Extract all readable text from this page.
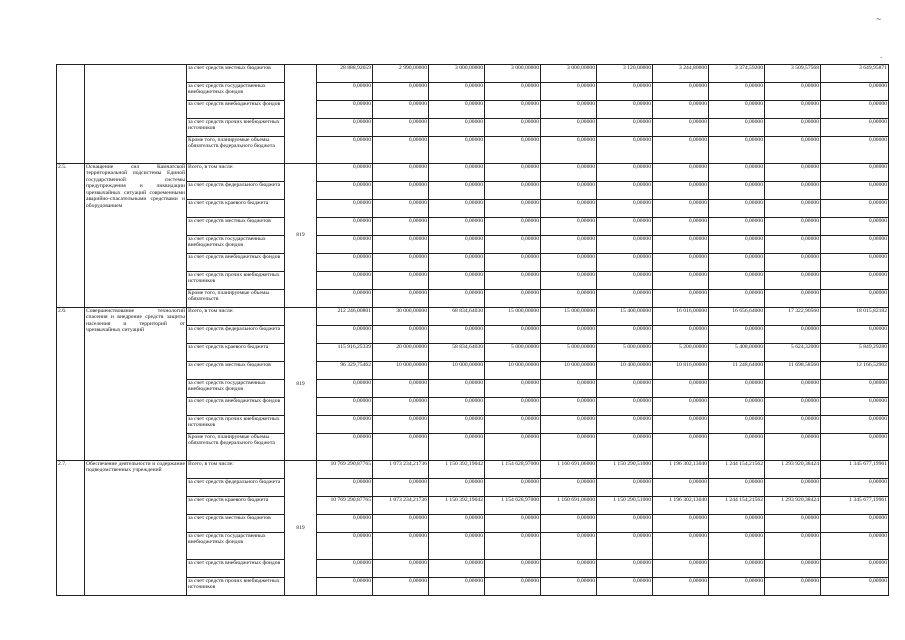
~
.
		за счет средств местных бюджетов		28 888,92659	2 990,00000	3 000,00000	3 000,00000	3 000,00000	3 120,00000	3 244,80000	3 374,59200	3 509,57568	3 649,95871
		за счет средств государственных внебюджетных фондов		0,00000	0,00000	0,00000	0,00000	0,00000	0,00000	0,00000	0,00000	0,00000	0,00000
		за счет средств внебюджетных фондов		0,00000	0,00000	0,00000	0,00000	0,00000	0,00000	0,00000	0,00000	0,00000	0,00000
		за счет средств прочих внебюджетных источников		0,00000	0,00000	0,00000	0,00000	0,00000	0,00000	0,00000	0,00000	0,00000	0,00000
		Кроме того, планируемые объемы обязательств федерального бюджета		0,00000	0,00000	0,00000	0,00000	0,00000	0,00000	0,00000	0,00000	0,00000	0,00000
2.5.	Оснащение сил Камчатской территориальной подсистемы Единой государственной системы предупреждения и ликвидации чрезвычайных ситуаций современными аварийно-спасательными средствами и оборудованием	Всего, в том числе:	819	0,00000	0,00000	0,00000	0,00000	0,00000	0,00000	0,00000	0,00000	0,00000	0,00000
		за счет средств федерального бюджета		0,00000	0,00000	0,00000	0,00000	0,00000	0,00000	0,00000	0,00000	0,00000	0,00000
		за счет средств краевого бюджета		0,00000	0,00000	0,00000	0,00000	0,00000	0,00000	0,00000	0,00000	0,00000	0,00000
		за счет средств местных бюджетов		0,00000	0,00000	0,00000	0,00000	0,00000	0,00000	0,00000	0,00000	0,00000	0,00000
		за счет средств государственных внебюджетных фондов		0,00000	0,00000	0,00000	0,00000	0,00000	0,00000	0,00000	0,00000	0,00000	0,00000
		за счет средств внебюджетных фондов		0,00000	0,00000	0,00000	0,00000	0,00000	0,00000	0,00000	0,00000	0,00000	0,00000
		за счет средств прочих внебюджетных источников		0,00000	0,00000	0,00000	0,00000	0,00000	0,00000	0,00000	0,00000	0,00000	0,00000
		Кроме того, планируемые объемы обязательств		0,00000	0,00000	0,00000	0,00000	0,00000	0,00000	0,00000	0,00000	0,00000	0,00000
2.6.	Совершенствование технологий спасения и внедрение средств защиты населения и территорий от чрезвычайных ситуаций	Всего, в том числе:	819	212 246,00801	30 000,00000	68 834,64030	15 000,00000	15 000,00000	15 400,00000	16 016,00000	16 656,64000	17 322,90560	18 015,82182
		за счет средств федерального бюджета		0,00000	0,00000	0,00000	0,00000	0,00000	0,00000	0,00000	0,00000	0,00000	0,00000
		за счет средств краевого бюджета		115 916,25339	20 000,00000	58 834,64030	5 000,00000	5 000,00000	5 000,00000	5 200,00000	5 408,00000	5 624,32000	5 849,29280
		за счет средств местных бюджетов		96 329,75462	10 000,00000	10 000,00000	10 000,00000	10 000,00000	10 400,00000	10 816,00000	11 248,64000	11 698,58560	12 166,52902
		за счет средств государственных внебюджетных фондов		0,00000	0,00000	0,00000	0,00000	0,00000	0,00000	0,00000	0,00000	0,00000	0,00000
		за счет средств внебюджетных фондов		0,00000	0,00000	0,00000	0,00000	0,00000	0,00000	0,00000	0,00000	0,00000	0,00000
		за счет средств прочих внебюджетных источников		0,00000	0,00000	0,00000	0,00000	0,00000	0,00000	0,00000	0,00000	0,00000	0,00000
		Кроме того, планируемые объемы обязательств федерального бюджета		0,00000	0,00000	0,00000	0,00000	0,00000	0,00000	0,00000	0,00000	0,00000	0,00000
2.7.	Обеспечение деятельности и содержание подведомственных учреждений	Всего, в том числе:	819	10 769 290,87765	1 073 234,21736	1 150 392,19042	1 154 628,97000	1 160 691,06000	1 150 290,51000	1 196 302,13040	1 244 154,21562	1 293 920,38424	1 345 677,19961
		за счет средств федерального бюджета		0,00000	0,00000	0,00000	0,00000	0,00000	0,00000	0,00000	0,00000	0,00000	0,00000
		за счет средств краевого бюджета		10 769 290,87765	1 073 234,21736	1 150 392,19042	1 154 628,97000	1 160 691,06000	1 150 290,51000	1 196 302,13040	1 244 154,21562	1 293 920,38424	1 345 677,19961
		за счет средств местных бюджетов		0,00000	0,00000	0,00000	0,00000	0,00000	0,00000	0,00000	0,00000	0,00000	0,00000
		за счет средств государственных внебюджетных фондов		0,00000	0,00000	0,00000	0,00000	0,00000	0,00000	0,00000	0,00000	0,00000	0,00000
		за счет средств внебюджетных фондов		0,00000	0,00000	0,00000	0,00000	0,00000	0,00000	0,00000	0,00000	0,00000	0,00000
		за счет средств прочих внебюджетных источников		0,00000	0,00000	0,00000	0,00000	0,00000	0,00000	0,00000	0,00000	0,00000	0,00000
